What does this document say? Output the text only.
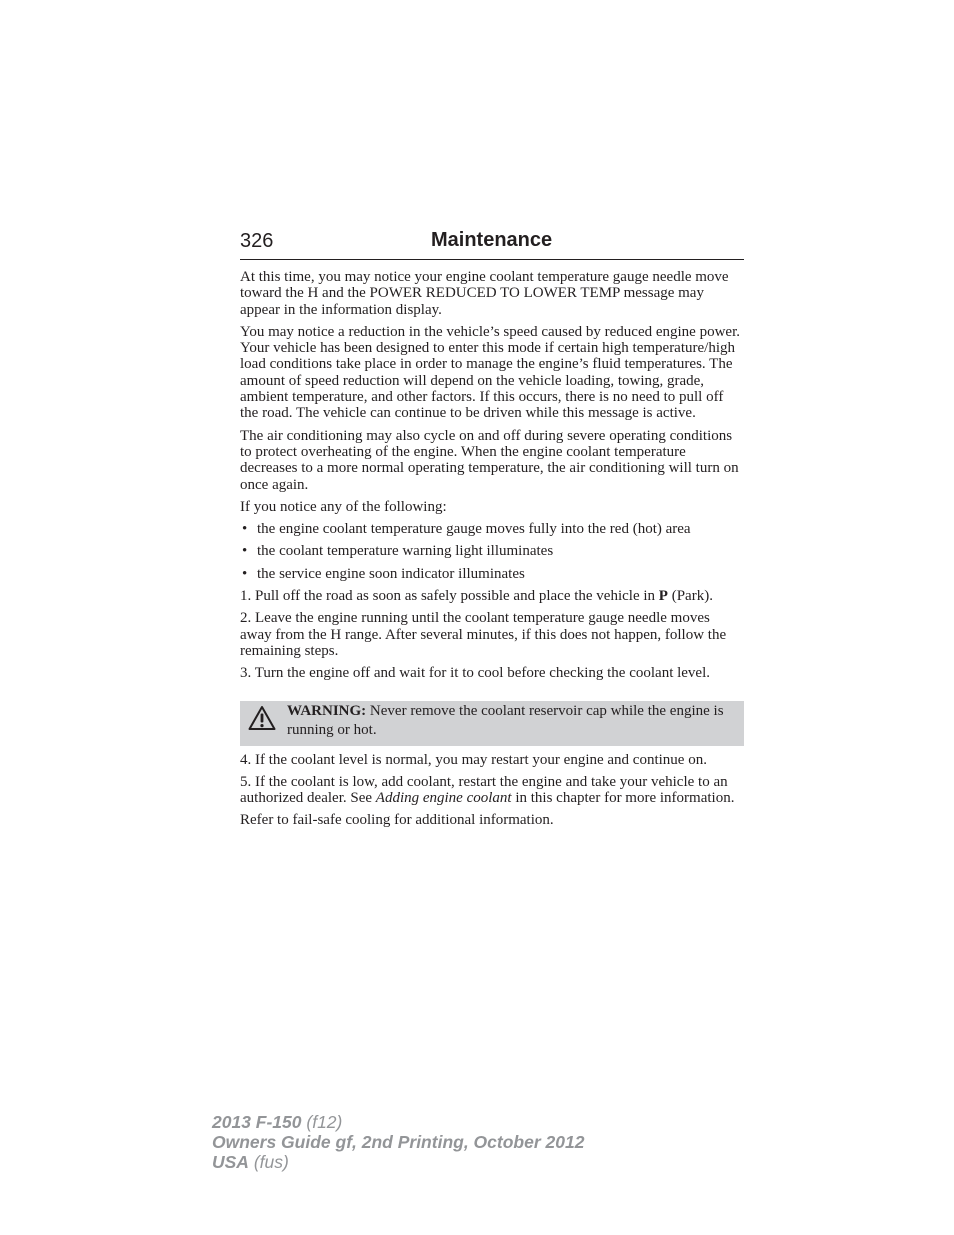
326	Maintenance

At this time, you may notice your engine coolant temperature gauge needle move toward the H and the POWER REDUCED TO LOWER TEMP message may appear in the information display.

You may notice a reduction in the vehicle’s speed caused by reduced engine power. Your vehicle has been designed to enter this mode if certain high temperature/high load conditions take place in order to manage the engine’s fluid temperatures. The amount of speed reduction will depend on the vehicle loading, towing, grade, ambient temperature, and other factors. If this occurs, there is no need to pull off the road. The vehicle can continue to be driven while this message is active.

The air conditioning may also cycle on and off during severe operating conditions to protect overheating of the engine. When the engine coolant temperature decreases to a more normal operating temperature, the air conditioning will turn on once again.

If you notice any of the following:

• the engine coolant temperature gauge moves fully into the red (hot) area
• the coolant temperature warning light illuminates
• the service engine soon indicator illuminates

1. Pull off the road as soon as safely possible and place the vehicle in P (Park).

2. Leave the engine running until the coolant temperature gauge needle moves away from the H range. After several minutes, if this does not happen, follow the remaining steps.

3. Turn the engine off and wait for it to cool before checking the coolant level.

WARNING: Never remove the coolant reservoir cap while the engine is running or hot.

4. If the coolant level is normal, you may restart your engine and continue on.

5. If the coolant is low, add coolant, restart the engine and take your vehicle to an authorized dealer. See Adding engine coolant in this chapter for more information.

Refer to fail-safe cooling for additional information.

2013 F-150 (f12)
Owners Guide gf, 2nd Printing, October 2012
USA (fus)
